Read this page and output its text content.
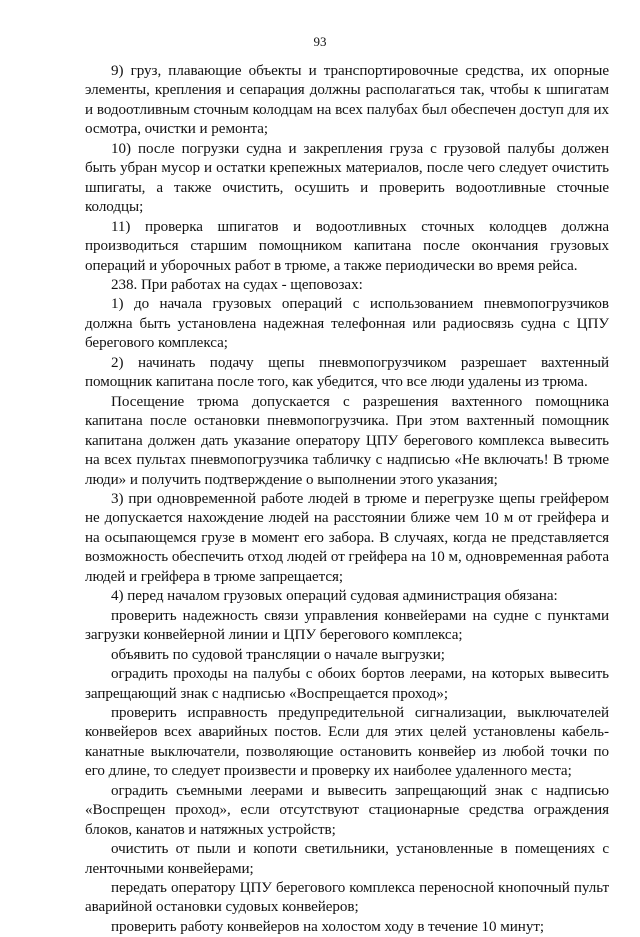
93

9) груз, плавающие объекты и транспортировочные средства, их опорные элементы, крепления и сепарация должны располагаться так, чтобы к шпигатам и водоотливным сточным колодцам на всех палубах был обеспечен доступ для их осмотра, очистки и ремонта;

10) после погрузки судна и закрепления груза с грузовой палубы должен быть убран мусор и остатки крепежных материалов, после чего следует очистить шпигаты, а также очистить, осушить и проверить водоотливные сточные колодцы;

11) проверка шпигатов и водоотливных сточных колодцев должна производиться старшим помощником капитана после окончания грузовых операций и уборочных работ в трюме, а также периодически во время рейса.

238. При работах на судах - щеповозах:

1) до начала грузовых операций с использованием пневмопогрузчиков должна быть установлена надежная телефонная или радиосвязь судна с ЦПУ берегового комплекса;

2) начинать подачу щепы пневмопогрузчиком разрешает вахтенный помощник капитана после того, как убедится, что все люди удалены из трюма.

Посещение трюма допускается с разрешения вахтенного помощника капитана после остановки пневмопогрузчика. При этом вахтенный помощник капитана должен дать указание оператору ЦПУ берегового комплекса вывесить на всех пультах пневмопогрузчика табличку с надписью «Не включать! В трюме люди» и получить подтверждение о выполнении этого указания;

3) при одновременной работе людей в трюме и перегрузке щепы грейфером не допускается нахождение людей на расстоянии ближе чем 10 м от грейфера и на осыпающемся грузе в момент его забора. В случаях, когда не представляется возможность обеспечить отход людей от грейфера на 10 м, одновременная работа людей и грейфера в трюме запрещается;

4) перед началом грузовых операций судовая администрация обязана:

проверить надежность связи управления конвейерами на судне с пунктами загрузки конвейерной линии и ЦПУ берегового комплекса;

объявить по судовой трансляции о начале выгрузки;

оградить проходы на палубы с обоих бортов леерами, на которых вывесить запрещающий знак с надписью «Воспрещается проход»;

проверить исправность предупредительной сигнализации, выключателей конвейеров всех аварийных постов. Если для этих целей установлены кабель-канатные выключатели, позволяющие остановить конвейер из любой точки по его длине, то следует произвести и проверку их наиболее удаленного места;

оградить съемными леерами и вывесить запрещающий знак с надписью «Воспрещен проход», если отсутствуют стационарные средства ограждения блоков, канатов и натяжных устройств;

очистить от пыли и копоти светильники, установленные в помещениях с ленточными конвейерами;

передать оператору ЦПУ берегового комплекса переносной кнопочный пульт аварийной остановки судовых конвейеров;

проверить работу конвейеров на холостом ходу в течение 10 минут;
